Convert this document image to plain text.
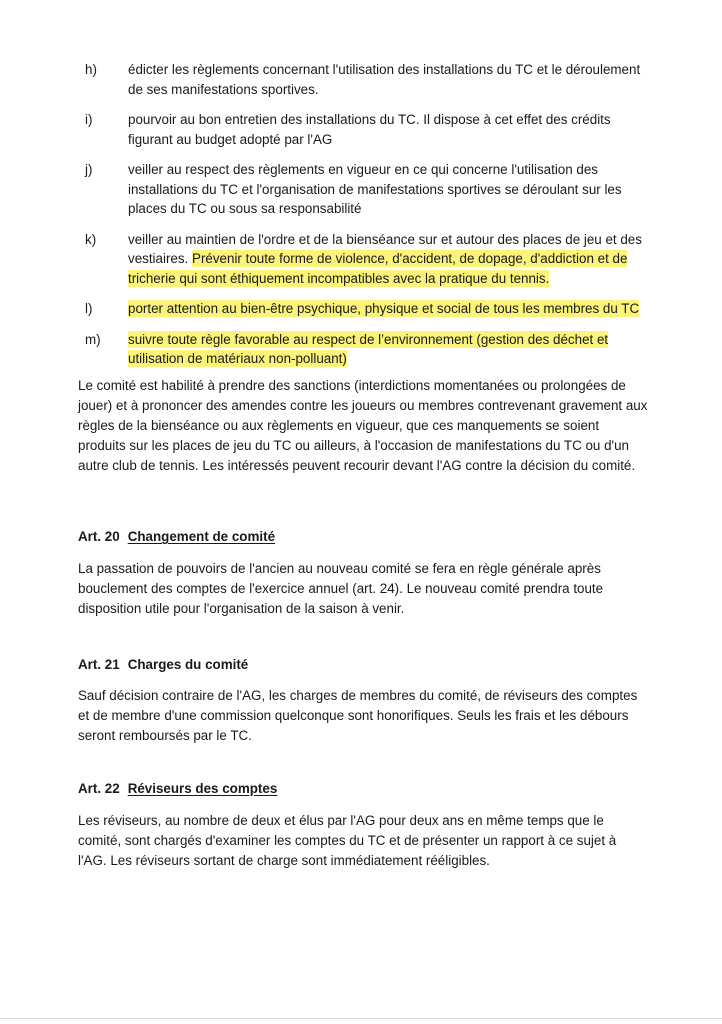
h)	édicter les règlements concernant l'utilisation des installations du TC et le déroulement de ses manifestations sportives.
i)	pourvoir au bon entretien des installations du TC. Il dispose à cet effet des crédits figurant au budget adopté par l'AG
j)	veiller au respect des règlements en vigueur en ce qui concerne l'utilisation des installations du TC et l'organisation de manifestations sportives se déroulant sur les places du TC ou sous sa responsabilité
k)	veiller au maintien de l'ordre et de la bienséance sur et autour des places de jeu et des vestiaires. Prévenir toute forme de violence, d'accident, de dopage, d'addiction et de tricherie qui sont éthiquement incompatibles avec la pratique du tennis.
l)	porter attention au bien-être psychique, physique et social de tous les membres du TC
m)	suivre toute règle favorable au respect de l’environnement (gestion des déchet et utilisation de matériaux non-polluant)
Le comité est habilité à prendre des sanctions (interdictions momentanées ou prolongées de jouer) et à prononcer des amendes contre les joueurs ou membres contrevenant gravement aux règles de la bienséance ou aux règlements en vigueur, que ces manquements se soient produits sur les places de jeu du TC ou ailleurs, à l'occasion de manifestations du TC ou d'un autre club de tennis. Les intéressés peuvent recourir devant l'AG contre la décision du comité.
Art. 20 Changement de comité
La passation de pouvoirs de l'ancien au nouveau comité se fera en règle générale après bouclement des comptes de l'exercice annuel (art. 24). Le nouveau comité prendra toute disposition utile pour l'organisation de la saison à venir.
Art. 21 Charges du comité
Sauf décision contraire de l'AG, les charges de membres du comité, de réviseurs des comptes et de membre d'une commission quelconque sont honorifiques. Seuls les frais et les débours seront remboursés par le TC.
Art. 22 Réviseurs des comptes
Les réviseurs, au nombre de deux et élus par l'AG pour deux ans en même temps que le comité, sont chargés d'examiner les comptes du TC et de présenter un rapport à ce sujet à l'AG. Les réviseurs sortant de charge sont immédiatement rééligibles.
